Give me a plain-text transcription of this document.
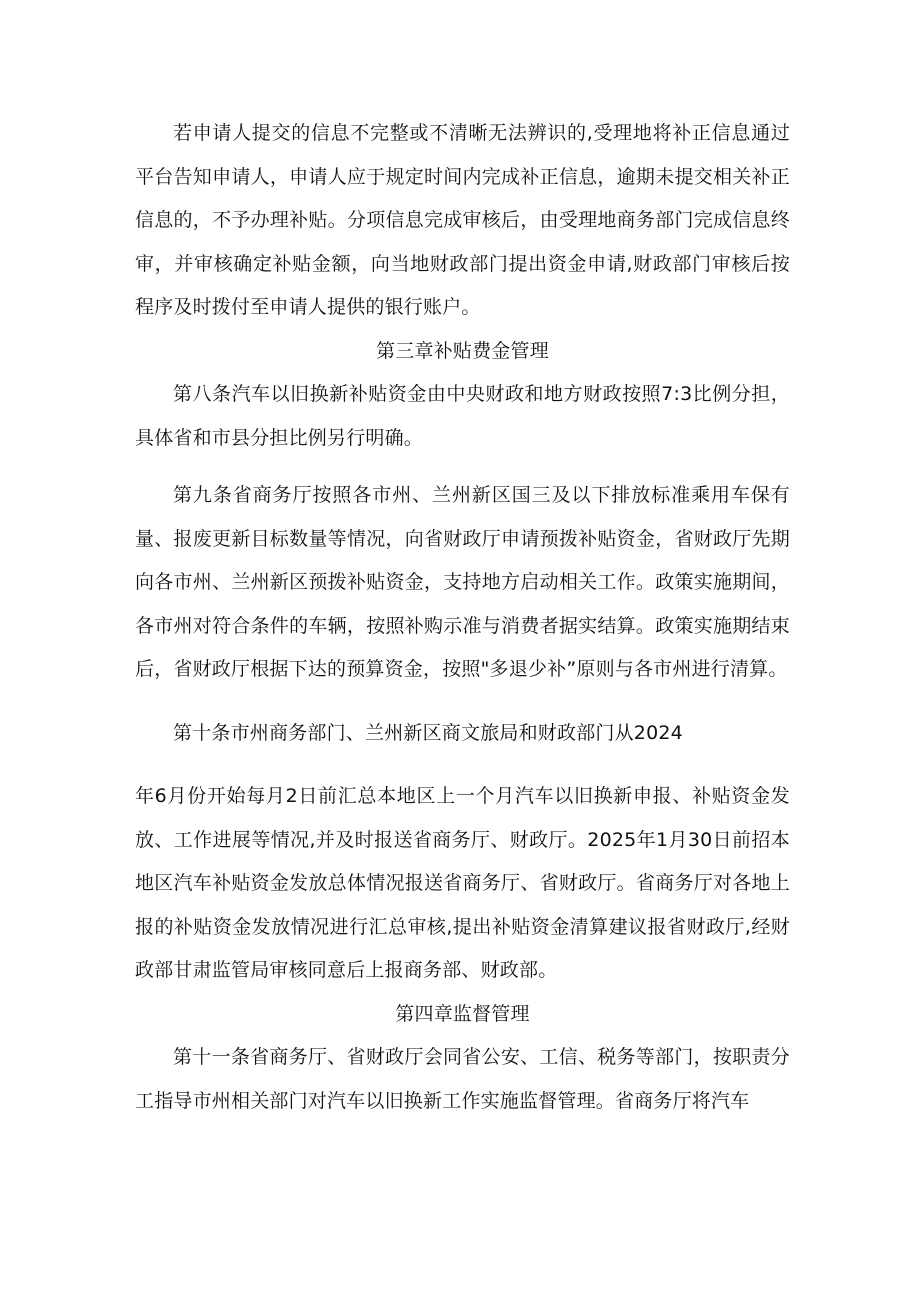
若申请人提交的信息不完整或不清晰无法辨识的,受理地将补正信息通过平台告知申请人，申请人应于规定时间内完成补正信息，逾期未提交相关补正信息的，不予办理补贴。分项信息完成审核后，由受理地商务部门完成信息终审，并审核确定补贴金额，向当地财政部门提出资金申请,财政部门审核后按程序及时拨付至申请人提供的银行账户。

第三章补贴费金管理

第八条汽车以旧换新补贴资金由中央财政和地方财政按照7:3比例分担，具体省和市县分担比例另行明确。

第九条省商务厅按照各市州、兰州新区国三及以下排放标准乘用车保有量、报废更新目标数量等情况，向省财政厅申请预拨补贴资金，省财政厅先期向各市州、兰州新区预拨补贴资金，支持地方启动相关工作。政策实施期间，各市州对符合条件的车辆，按照补购示准与消费者据实结算。政策实施期结束后，省财政厅根据下达的预算资金，按照"多退少补”原则与各市州进行清算。

第十条市州商务部门、兰州新区商文旅局和财政部门从2024

年6月份开始每月2日前汇总本地区上一个月汽车以旧换新申报、补贴资金发放、工作进展等情况,并及时报送省商务厅、财政厅。2025年1月30日前招本地区汽车补贴资金发放总体情况报送省商务厅、省财政厅。省商务厅对各地上报的补贴资金发放情况进行汇总审核,提出补贴资金清算建议报省财政厅,经财政部甘肃监管局审核同意后上报商务部、财政部。

第四章监督管理

第十一条省商务厅、省财政厅会同省公安、工信、税务等部门，按职责分工指导市州相关部门对汽车以旧换新工作实施监督管理。省商务厅将汽车
